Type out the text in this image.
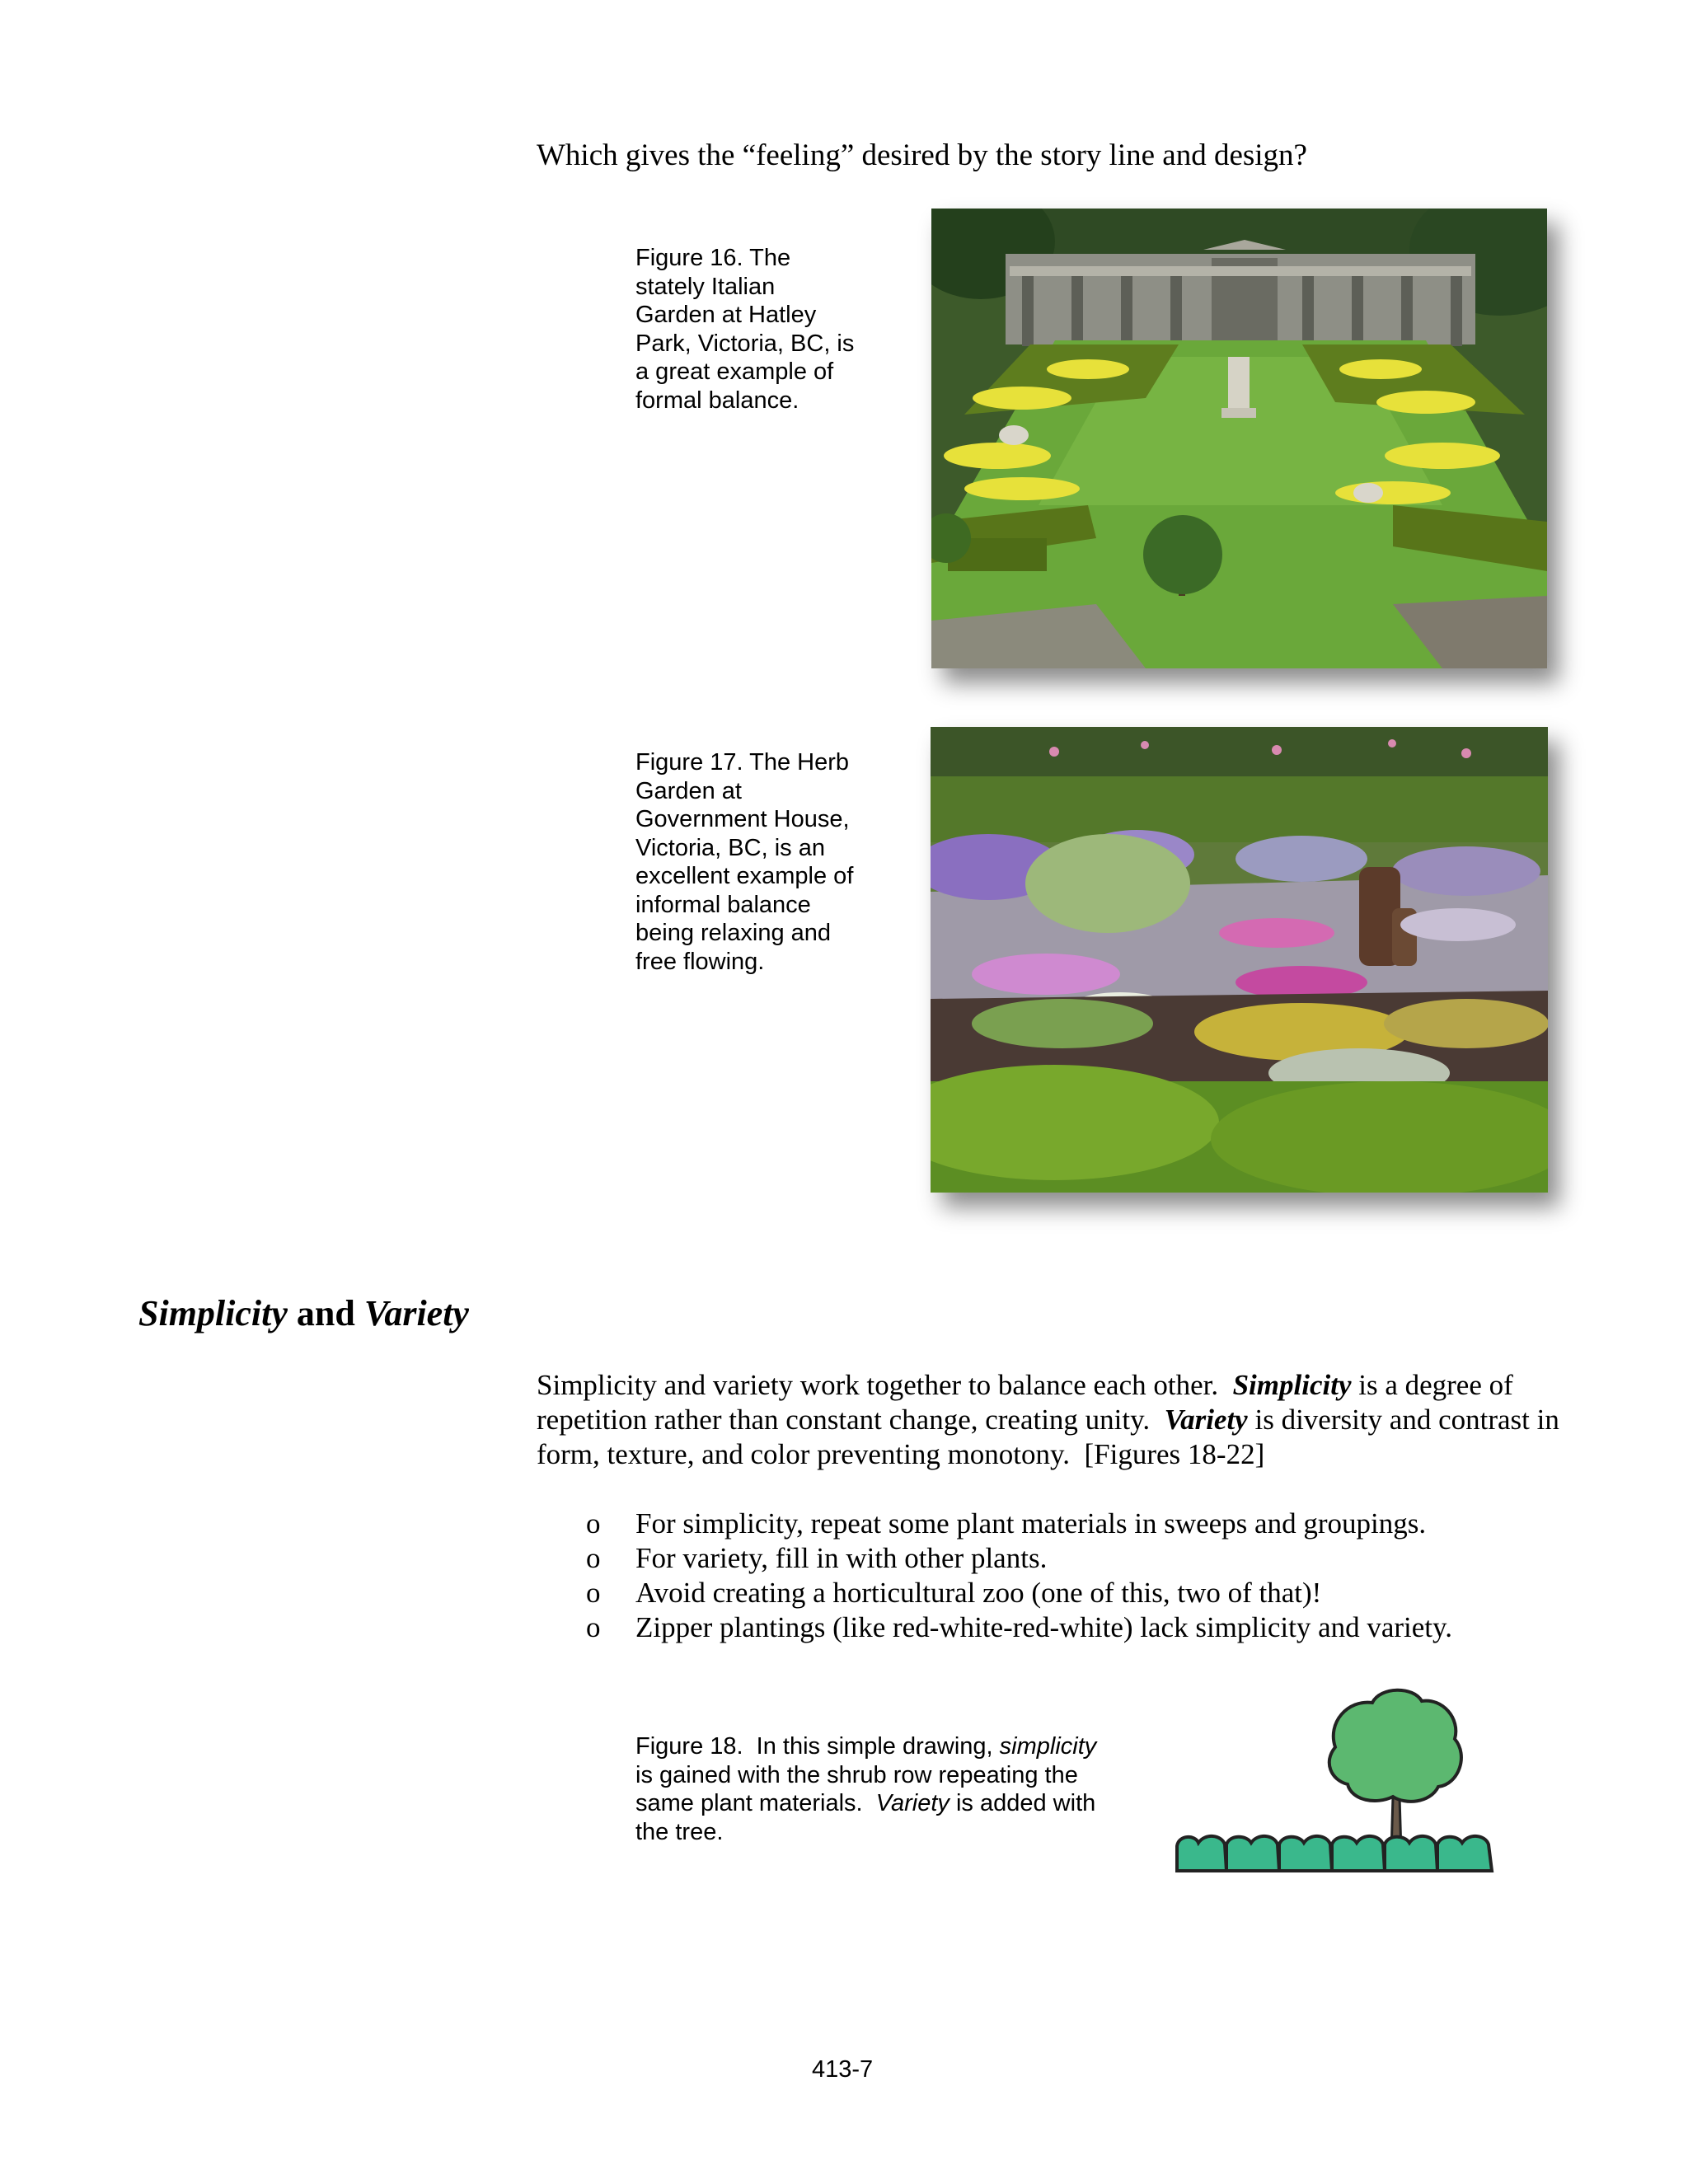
Which gives the “feeling” desired by the story line and design?
Figure 16. The
stately Italian
Garden at Hatley
Park, Victoria, BC, is
a great example of
formal balance.
Figure 17. The Herb
Garden at
Government House,
Victoria, BC, is an
excellent example of
informal balance
being relaxing and
free flowing.
Simplicity and Variety
Simplicity and variety work together to balance each other.  Simplicity is a degree of repetition rather than constant change, creating unity.  Variety is diversity and contrast in form, texture, and color preventing monotony.  [Figures 18-22]
o For simplicity, repeat some plant materials in sweeps and groupings.
o For variety, fill in with other plants.
o Avoid creating a horticultural zoo (one of this, two of that)!
o Zipper plantings (like red-white-red-white) lack simplicity and variety.
Figure 18.  In this simple drawing, simplicity
is gained with the shrub row repeating the
same plant materials.  Variety is added with
the tree.
413-7
